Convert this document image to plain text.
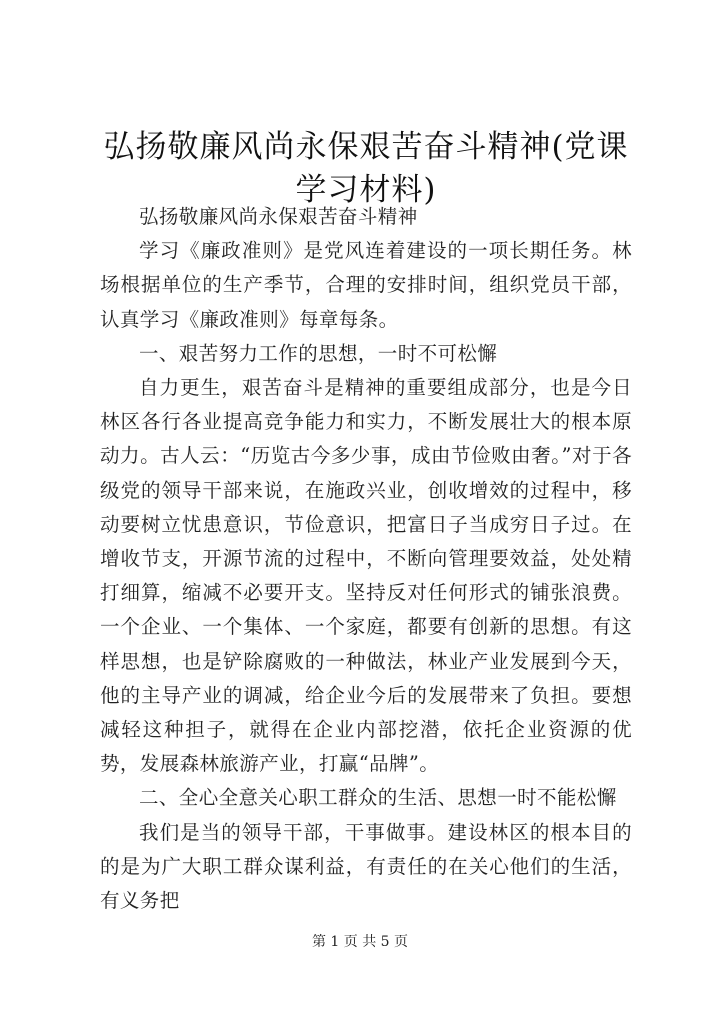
弘扬敬廉风尚永保艰苦奋斗精神(党课学习材料)

弘扬敬廉风尚永保艰苦奋斗精神

学习《廉政准则》是党风连着建设的一项长期任务。林场根据单位的生产季节，合理的安排时间，组织党员干部，认真学习《廉政准则》每章每条。

一、艰苦努力工作的思想，一时不可松懈

自力更生，艰苦奋斗是精神的重要组成部分，也是今日林区各行各业提高竞争能力和实力，不断发展壮大的根本原动力。古人云：“历览古今多少事，成由节俭败由奢。”对于各级党的领导干部来说，在施政兴业，创收增效的过程中，移动要树立忧患意识，节俭意识，把富日子当成穷日子过。在增收节支，开源节流的过程中，不断向管理要效益，处处精打细算，缩减不必要开支。坚持反对任何形式的铺张浪费。一个企业、一个集体、一个家庭，都要有创新的思想。有这样思想，也是铲除腐败的一种做法，林业产业发展到今天，他的主导产业的调减，给企业今后的发展带来了负担。要想减轻这种担子，就得在企业内部挖潜，依托企业资源的优势，发展森林旅游产业，打赢“品牌”。

二、全心全意关心职工群众的生活、思想一时不能松懈

我们是当的领导干部，干事做事。建设林区的根本目的的是为广大职工群众谋利益，有责任的在关心他们的生活，有义务把

第 1 页 共 5 页
